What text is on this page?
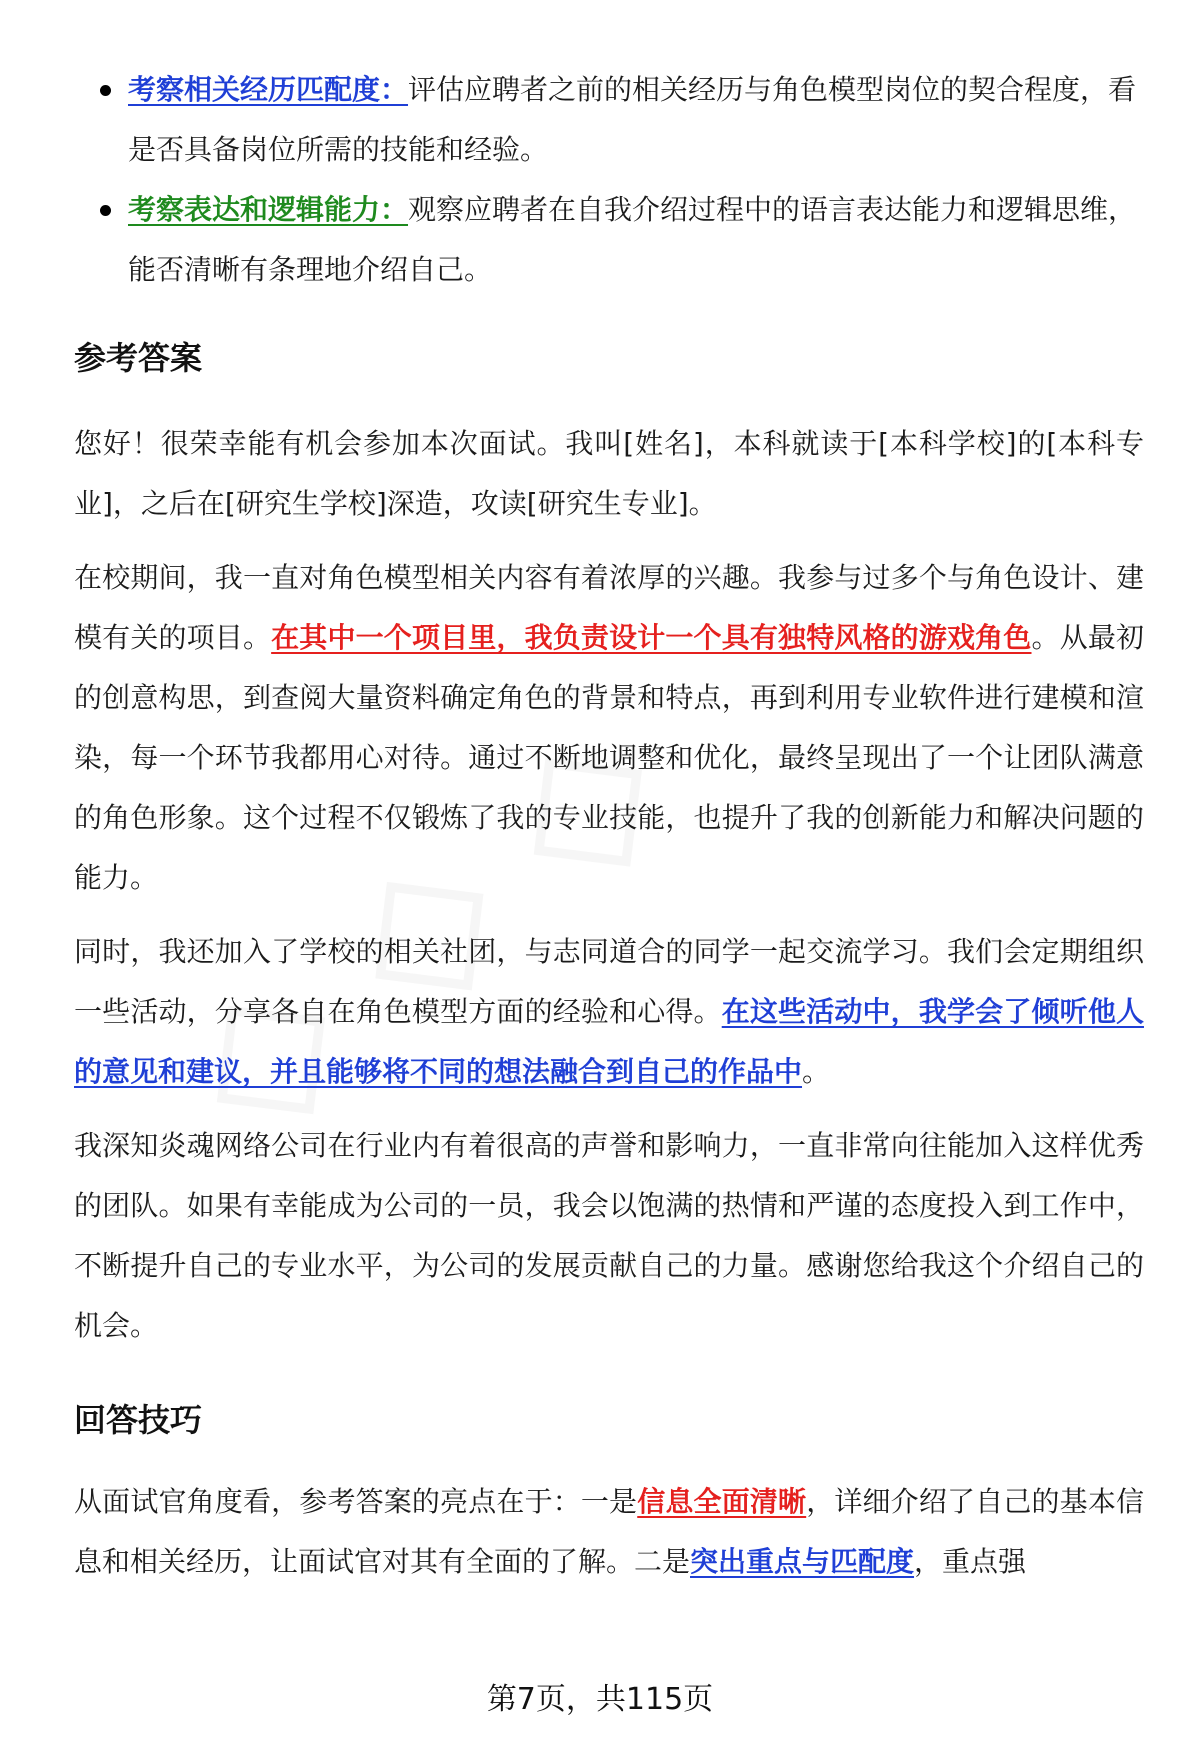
考察相关经历匹配度：评估应聘者之前的相关经历与角色模型岗位的契合程度，看是否具备岗位所需的技能和经验。
考察表达和逻辑能力：观察应聘者在自我介绍过程中的语言表达能力和逻辑思维，能否清晰有条理地介绍自己。
参考答案

您好！很荣幸能有机会参加本次面试。我叫[姓名]，本科就读于[本科学校]的[本科专业]，之后在[研究生学校]深造，攻读[研究生专业]。

在校期间，我一直对角色模型相关内容有着浓厚的兴趣。我参与过多个与角色设计、建模有关的项目。在其中一个项目里，我负责设计一个具有独特风格的游戏角色。从最初的创意构思，到查阅大量资料确定角色的背景和特点，再到利用专业软件进行建模和渲染，每一个环节我都用心对待。通过不断地调整和优化，最终呈现出了一个让团队满意的角色形象。这个过程不仅锻炼了我的专业技能，也提升了我的创新能力和解决问题的能力。

同时，我还加入了学校的相关社团，与志同道合的同学一起交流学习。我们会定期组织一些活动，分享各自在角色模型方面的经验和心得。在这些活动中，我学会了倾听他人的意见和建议，并且能够将不同的想法融合到自己的作品中。

我深知炎魂网络公司在行业内有着很高的声誉和影响力，一直非常向往能加入这样优秀的团队。如果有幸能成为公司的一员，我会以饱满的热情和严谨的态度投入到工作中，不断提升自己的专业水平，为公司的发展贡献自己的力量。感谢您给我这个介绍自己的机会。

回答技巧

从面试官角度看，参考答案的亮点在于：一是信息全面清晰，详细介绍了自己的基本信息和相关经历，让面试官对其有全面的了解。二是突出重点与匹配度，重点强

第7页，共115页
